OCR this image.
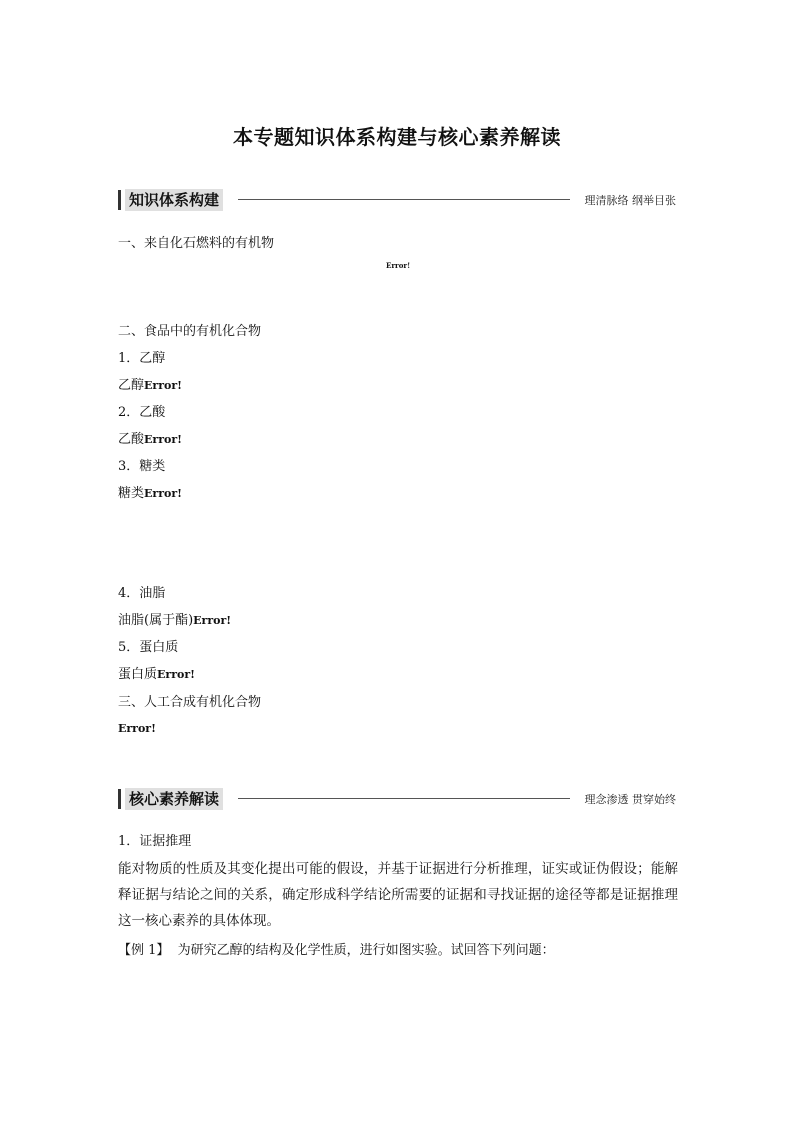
本专题知识体系构建与核心素养解读
知识体系构建	理清脉络 纲举目张
一、来自化石燃料的有机物
Error!
二、食品中的有机化合物
1．乙醇
乙醇Error!
2．乙酸
乙酸Error!
3．糖类
糖类Error!
4．油脂
油脂(属于酯)Error!
5．蛋白质
蛋白质Error!
三、人工合成有机化合物
Error!
核心素养解读	理念渗透 贯穿始终
1．证据推理
能对物质的性质及其变化提出可能的假设，并基于证据进行分析推理，证实或证伪假设；能解释证据与结论之间的关系，确定形成科学结论所需要的证据和寻找证据的途径等都是证据推理这一核心素养的具体体现。
【例 1】 为研究乙醇的结构及化学性质，进行如图实验。试回答下列问题：
